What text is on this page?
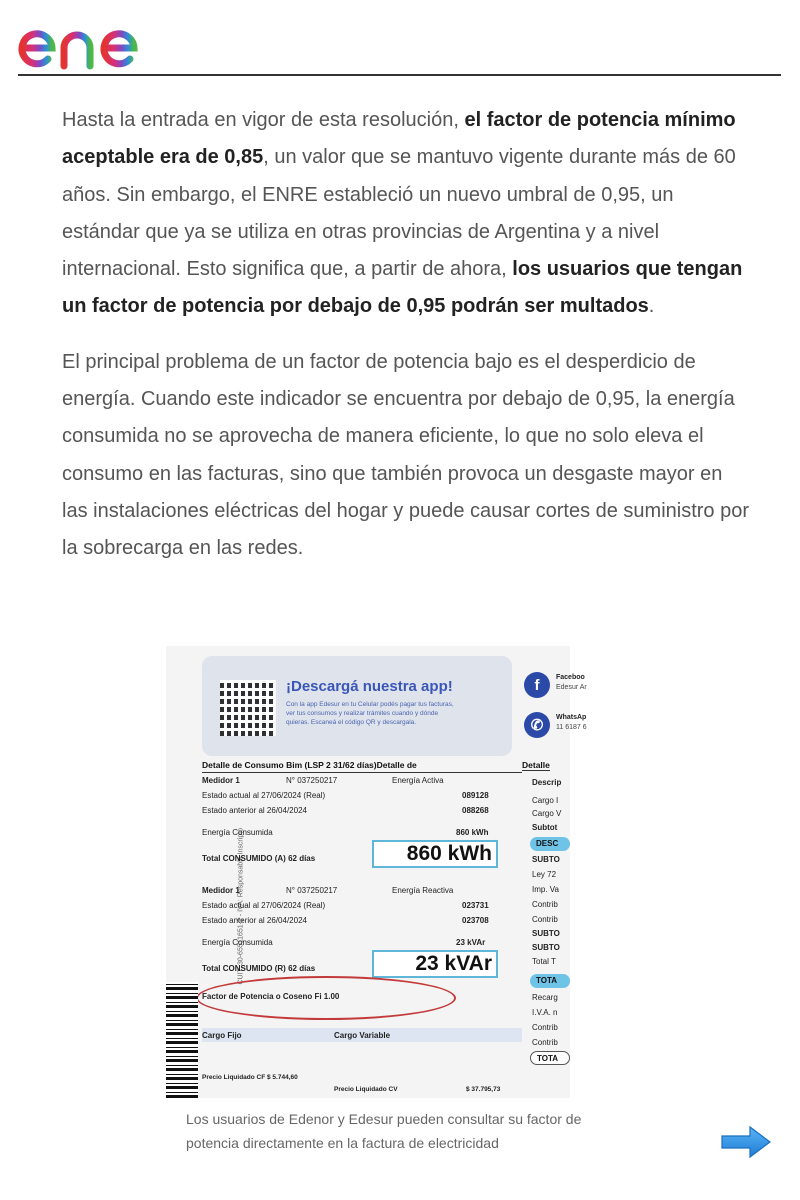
Hasta la entrada en vigor de esta resolución, el factor de potencia mínimo aceptable era de 0,85, un valor que se mantuvo vigente durante más de 60 años. Sin embargo, el ENRE estableció un nuevo umbral de 0,95, un estándar que ya se utiliza en otras provincias de Argentina y a nivel internacional. Esto significa que, a partir de ahora, los usuarios que tengan un factor de potencia por debajo de 0,95 podrán ser multados.

El principal problema de un factor de potencia bajo es el desperdicio de energía. Cuando este indicador se encuentra por debajo de 0,95, la energía consumida no se aprovecha de manera eficiente, lo que no solo eleva el consumo en las facturas, sino que también provoca un desgaste mayor en las instalaciones eléctricas del hogar y puede causar cortes de suministro por la sobrecarga en las redes.

CUIT: 30-65511651-2 - IVA: Responsable Inscripto
¡Descargá nuestra app!
Con la app Edesur en tu Celular podés pagar tus facturas, ver tus consumos y realizar trámites cuando y dónde quieras. Escaneá el código QR y descargala.
f	Faceboo
Edesur Ar
✆	WhatsAp
11 6187 6
Detalle de Consumo Bim (LSP 2 31/62 días)Detalle de	Detalle
Medidor 1	N° 037250217	Energía Activa
Estado actual al 27/06/2024 (Real)	089128
Estado anterior al 26/04/2024	088268
Energía Consumida	860 kWh
Total CONSUMIDO (A) 62 días	860 kWh
Medidor 1	N° 037250217	Energía Reactiva
Estado actual al 27/06/2024 (Real)	023731
Estado anterior al 26/04/2024	023708
Energía Consumida	23 kVAr
Total CONSUMIDO (R) 62 días	23 kVAr
Factor de Potencia o Coseno Fi 1.00
Cargo Fijo	Cargo Variable
Precio Liquidado CF $ 5.744,60
Precio Liquidado CV	$ 37.795,73
Descrip
Cargo I
Cargo V
Subtot
DESC
SUBTO
Ley 72
Imp. Va
Contrib
Contrib
SUBTO
SUBTO
Total T
TOTA
Recarg
I.V.A. n
Contrib
Contrib
TOTA
Los usuarios de Edenor y Edesur pueden consultar su factor de potencia directamente en la factura de electricidad
